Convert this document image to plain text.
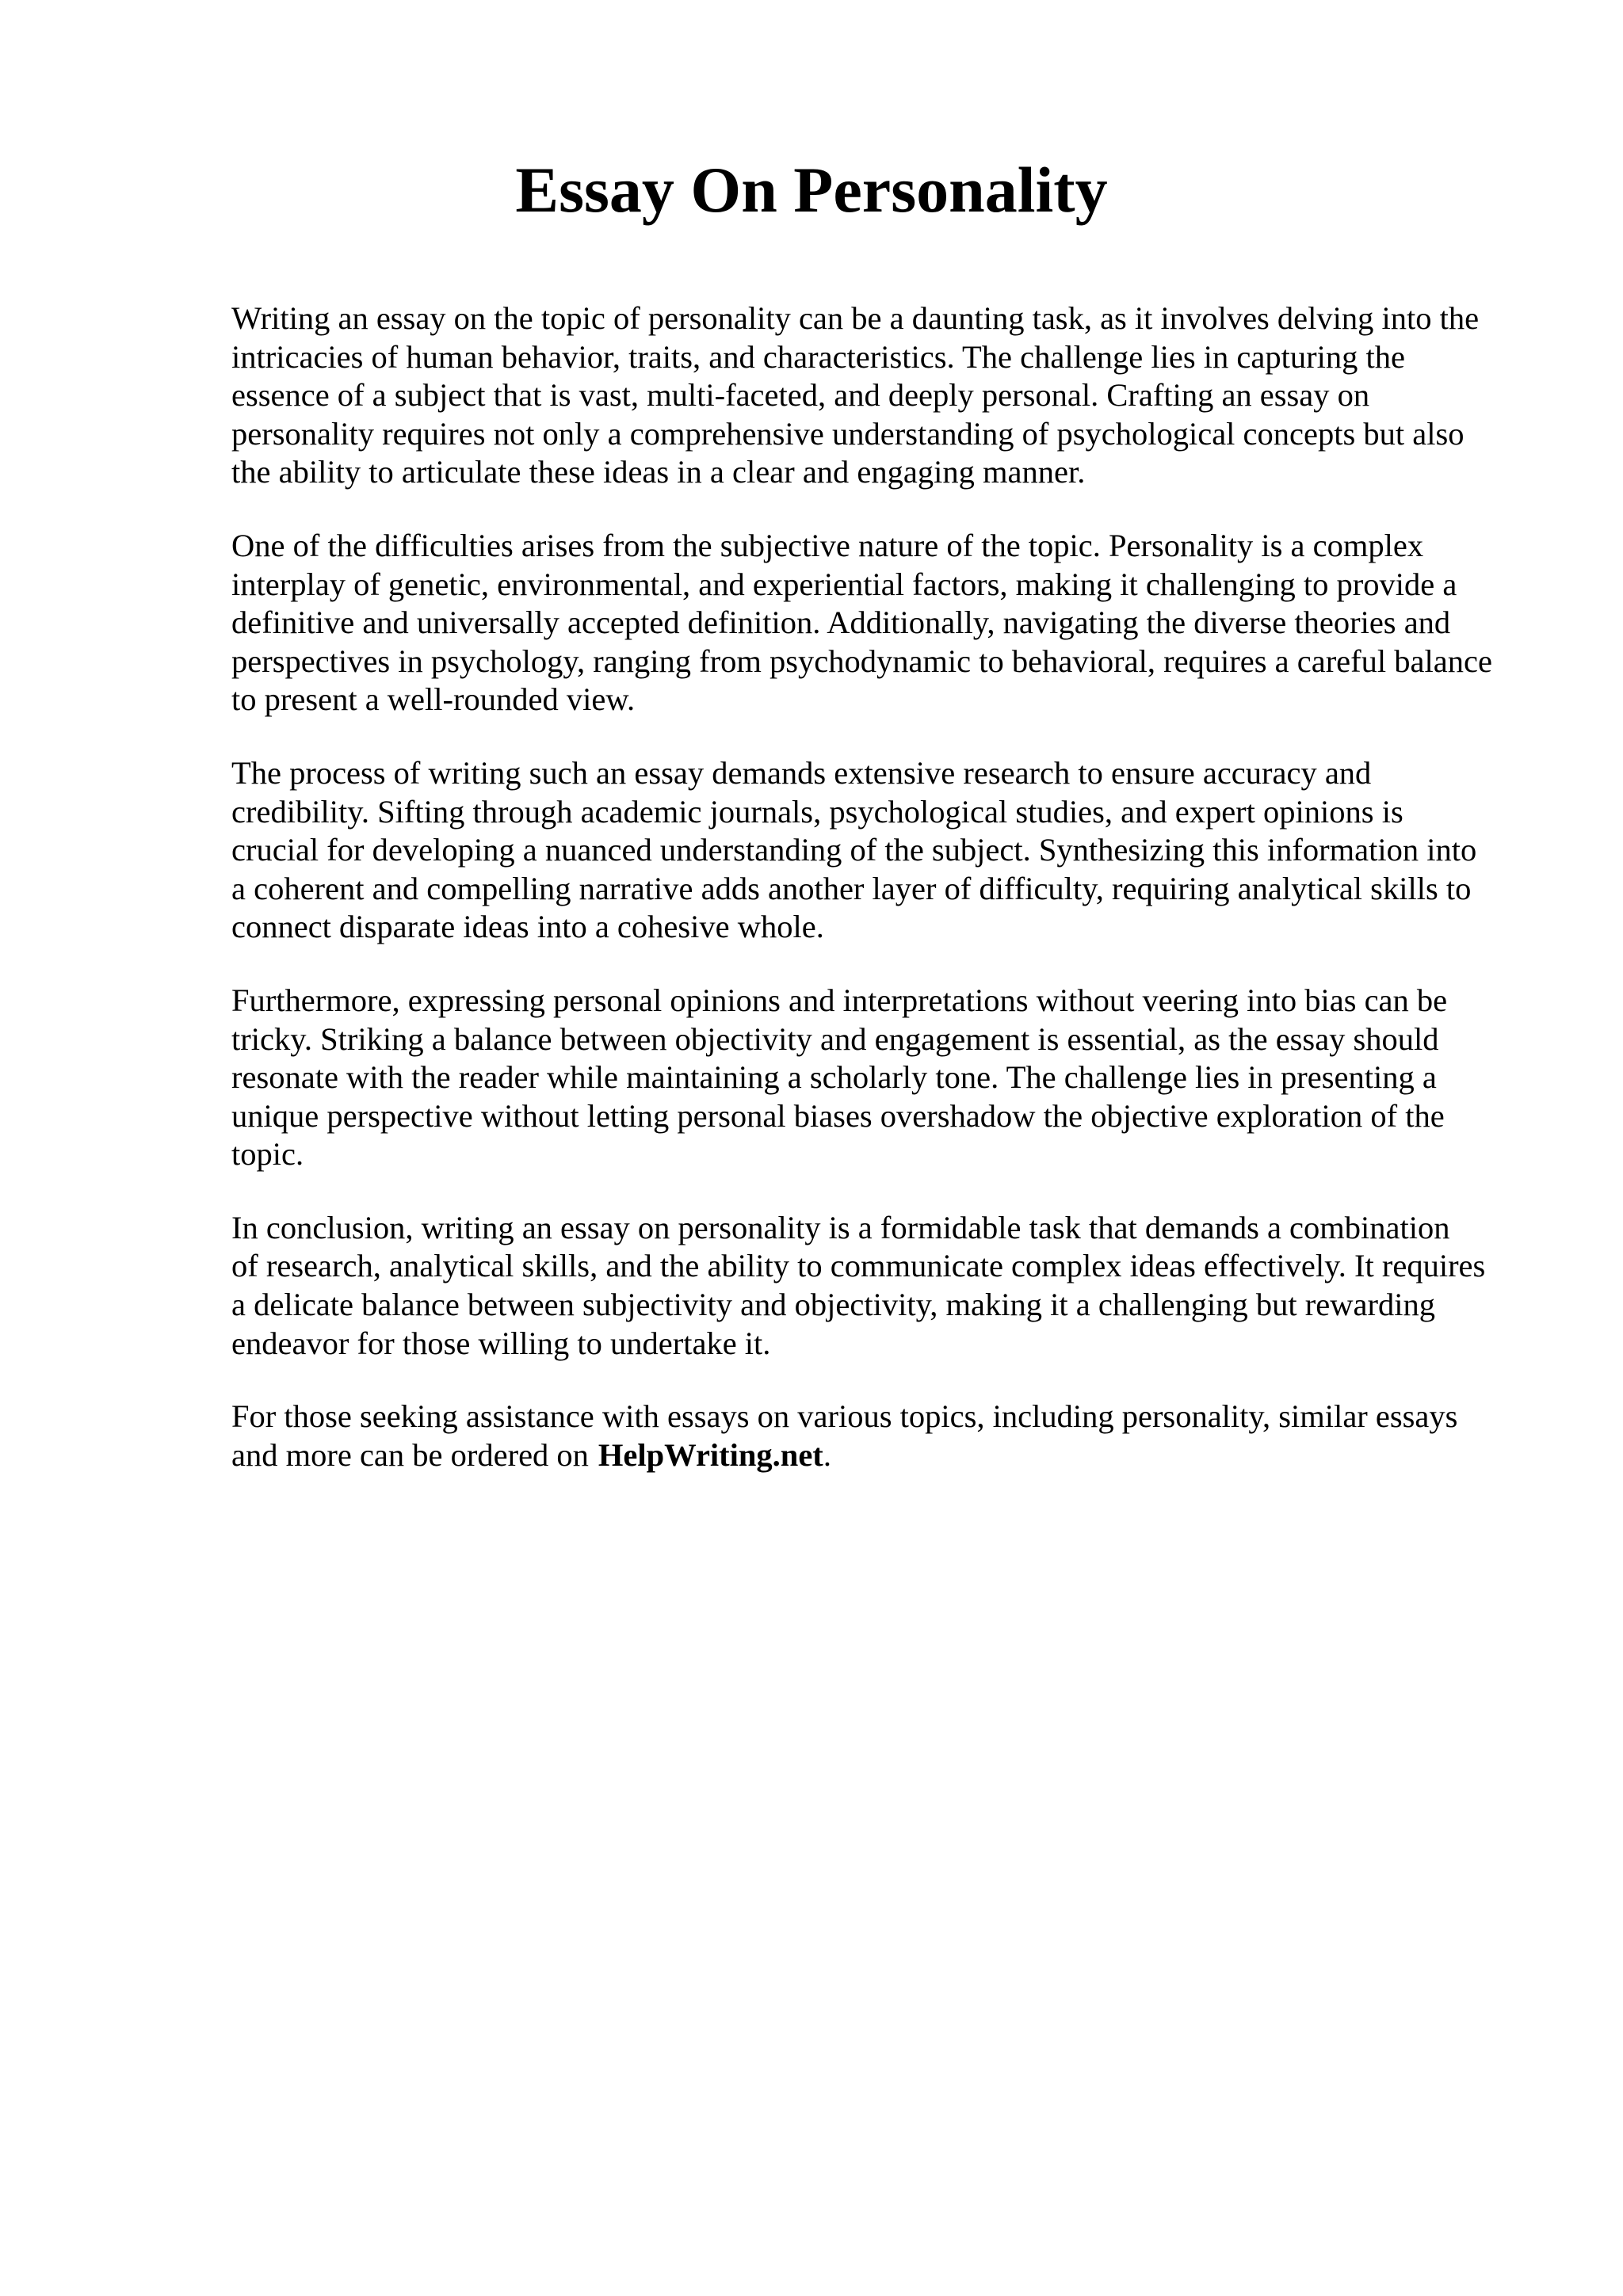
Essay On Personality

Writing an essay on the topic of personality can be a daunting task, as it involves delving into the
intricacies of human behavior, traits, and characteristics. The challenge lies in capturing the
essence of a subject that is vast, multi-faceted, and deeply personal. Crafting an essay on
personality requires not only a comprehensive understanding of psychological concepts but also
the ability to articulate these ideas in a clear and engaging manner.

One of the difficulties arises from the subjective nature of the topic. Personality is a complex
interplay of genetic, environmental, and experiential factors, making it challenging to provide a
definitive and universally accepted definition. Additionally, navigating the diverse theories and
perspectives in psychology, ranging from psychodynamic to behavioral, requires a careful balance
to present a well-rounded view.

The process of writing such an essay demands extensive research to ensure accuracy and
credibility. Sifting through academic journals, psychological studies, and expert opinions is
crucial for developing a nuanced understanding of the subject. Synthesizing this information into
a coherent and compelling narrative adds another layer of difficulty, requiring analytical skills to
connect disparate ideas into a cohesive whole.

Furthermore, expressing personal opinions and interpretations without veering into bias can be
tricky. Striking a balance between objectivity and engagement is essential, as the essay should
resonate with the reader while maintaining a scholarly tone. The challenge lies in presenting a
unique perspective without letting personal biases overshadow the objective exploration of the
topic.

In conclusion, writing an essay on personality is a formidable task that demands a combination
of research, analytical skills, and the ability to communicate complex ideas effectively. It requires
a delicate balance between subjectivity and objectivity, making it a challenging but rewarding
endeavor for those willing to undertake it.

For those seeking assistance with essays on various topics, including personality, similar essays
and more can be ordered on HelpWriting.net.
